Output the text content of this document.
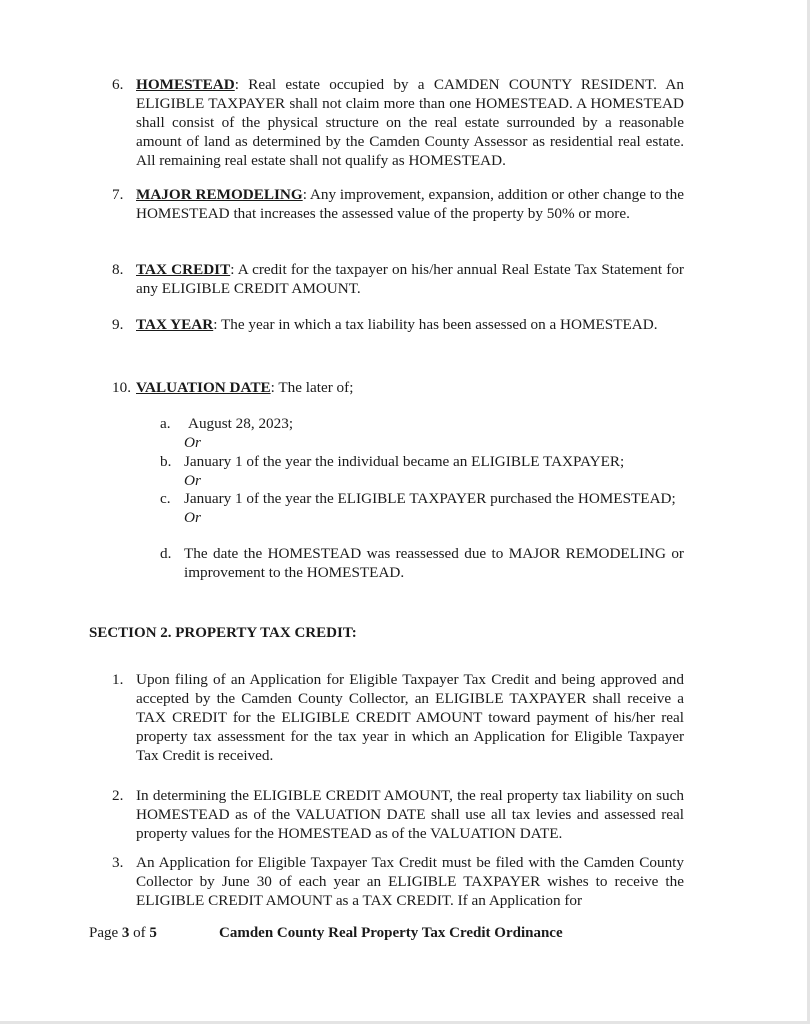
6. HOMESTEAD: Real estate occupied by a CAMDEN COUNTY RESIDENT. An ELIGIBLE TAXPAYER shall not claim more than one HOMESTEAD. A HOMESTEAD shall consist of the physical structure on the real estate surrounded by a reasonable amount of land as determined by the Camden County Assessor as residential real estate. All remaining real estate shall not qualify as HOMESTEAD.
7. MAJOR REMODELING: Any improvement, expansion, addition or other change to the HOMESTEAD that increases the assessed value of the property by 50% or more.
8. TAX CREDIT: A credit for the taxpayer on his/her annual Real Estate Tax Statement for any ELIGIBLE CREDIT AMOUNT.
9. TAX YEAR: The year in which a tax liability has been assessed on a HOMESTEAD.
10. VALUATION DATE: The later of;
a. August 28, 2023;
Or
b. January 1 of the year the individual became an ELIGIBLE TAXPAYER;
Or
c. January 1 of the year the ELIGIBLE TAXPAYER purchased the HOMESTEAD;
Or
d. The date the HOMESTEAD was reassessed due to MAJOR REMODELING or improvement to the HOMESTEAD.
SECTION 2. PROPERTY TAX CREDIT:
1. Upon filing of an Application for Eligible Taxpayer Tax Credit and being approved and accepted by the Camden County Collector, an ELIGIBLE TAXPAYER shall receive a TAX CREDIT for the ELIGIBLE CREDIT AMOUNT toward payment of his/her real property tax assessment for the tax year in which an Application for Eligible Taxpayer Tax Credit is received.
2. In determining the ELIGIBLE CREDIT AMOUNT, the real property tax liability on such HOMESTEAD as of the VALUATION DATE shall use all tax levies and assessed real property values for the HOMESTEAD as of the VALUATION DATE.
3. An Application for Eligible Taxpayer Tax Credit must be filed with the Camden County Collector by June 30 of each year an ELIGIBLE TAXPAYER wishes to receive the ELIGIBLE CREDIT AMOUNT as a TAX CREDIT. If an Application for
Page 3 of 5	Camden County Real Property Tax Credit Ordinance
